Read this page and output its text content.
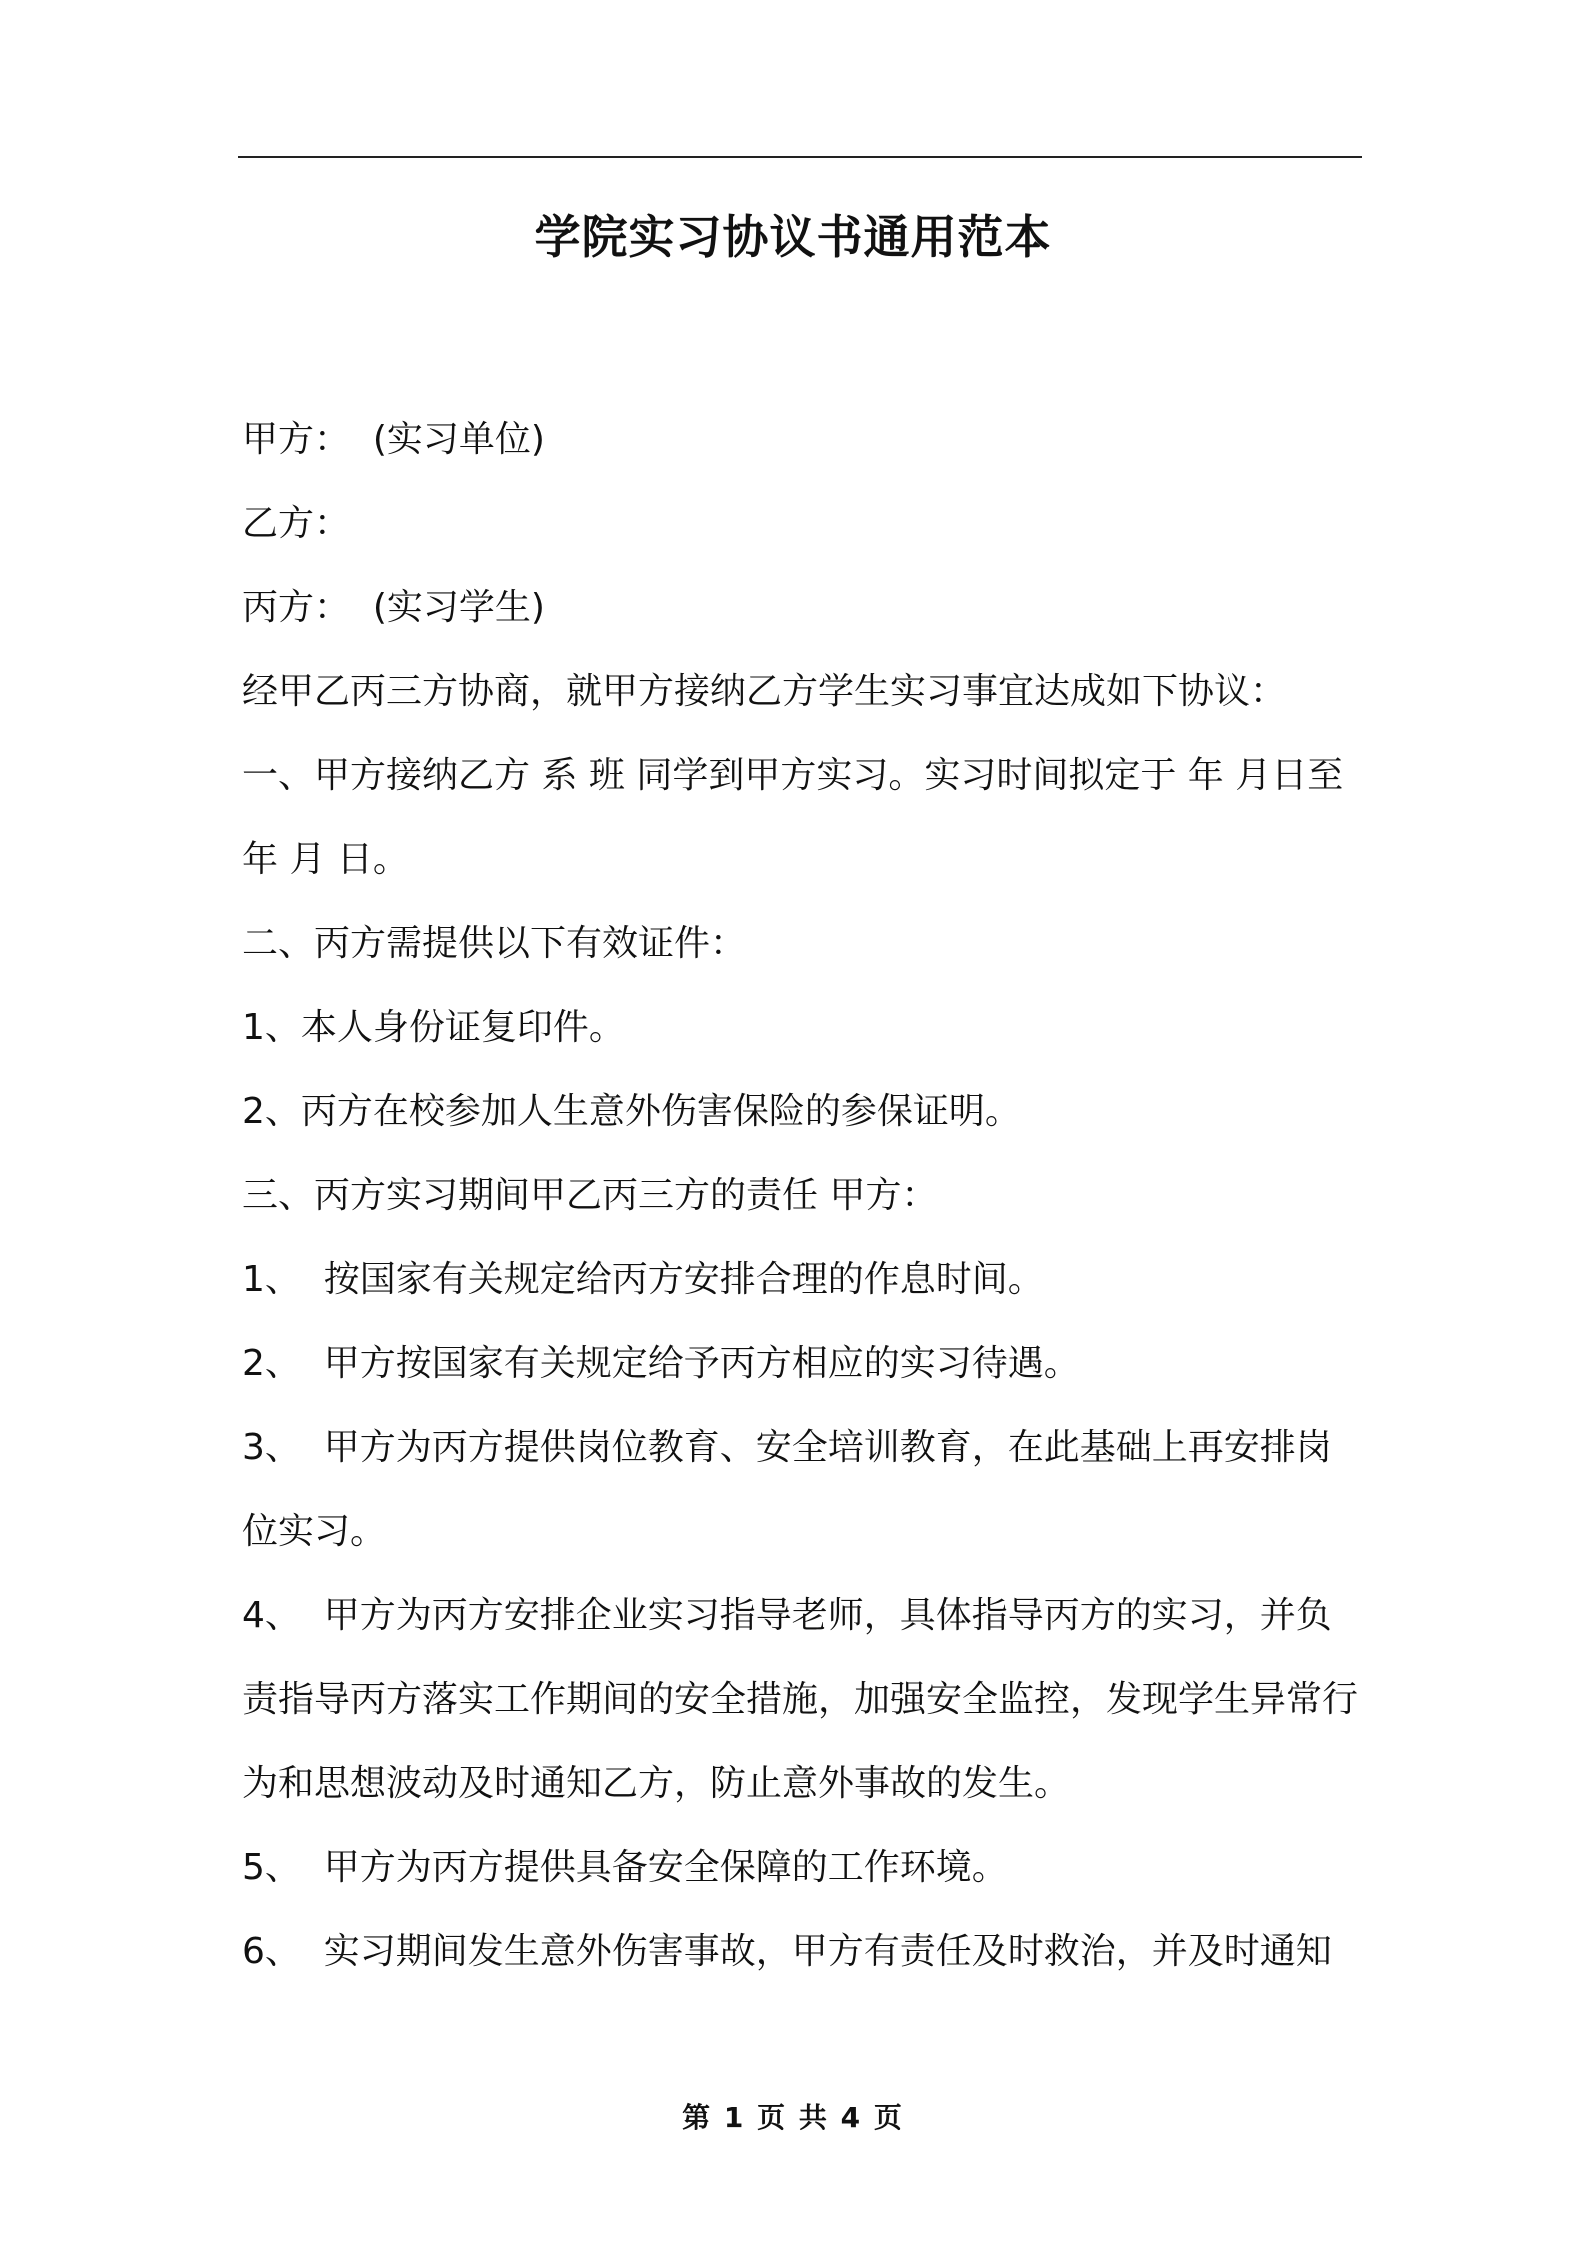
学院实习协议书通用范本

甲方：  (实习单位)

乙方：

丙方：  (实习学生)

经甲乙丙三方协商，就甲方接纳乙方学生实习事宜达成如下协议：

一、甲方接纳乙方 系 班 同学到甲方实习。实习时间拟定于 年 月日至 年 月 日。

二、丙方需提供以下有效证件：

1、本人身份证复印件。

2、丙方在校参加人生意外伤害保险的参保证明。

三、丙方实习期间甲乙丙三方的责任 甲方：

1、  按国家有关规定给丙方安排合理的作息时间。

2、  甲方按国家有关规定给予丙方相应的实习待遇。

3、  甲方为丙方提供岗位教育、安全培训教育，在此基础上再安排岗位实习。

4、  甲方为丙方安排企业实习指导老师，具体指导丙方的实习，并负责指导丙方落实工作期间的安全措施，加强安全监控，发现学生异常行为和思想波动及时通知乙方，防止意外事故的发生。

5、  甲方为丙方提供具备安全保障的工作环境。

6、  实习期间发生意外伤害事故，甲方有责任及时救治，并及时通知

第 1 页 共 4 页
